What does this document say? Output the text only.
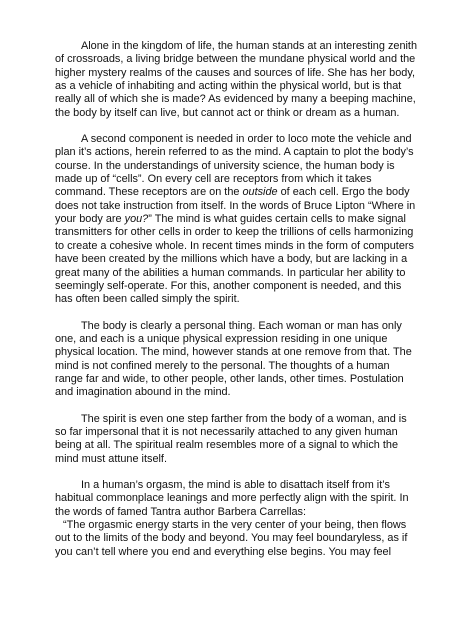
Alone in the kingdom of life, the human stands at an interesting zenith of crossroads, a living bridge between the mundane physical world and the higher mystery realms of the causes and sources of life. She has her body, as a vehicle of inhabiting and acting within the physical world, but is that really all of which she is made? As evidenced by many a beeping machine, the body by itself can live, but cannot act or think or dream as a human.

A second component is needed in order to loco mote the vehicle and plan it’s actions, herein referred to as the mind. A captain to plot the body’s course. In the understandings of university science, the human body is made up of “cells”. On every cell are receptors from which it takes command. These receptors are on the outside of each cell. Ergo the body does not take instruction from itself. In the words of Bruce Lipton “Where in your body are you?” The mind is what guides certain cells to make signal transmitters for other cells in order to keep the trillions of cells harmonizing to create a cohesive whole. In recent times minds in the form of computers have been created by the millions which have a body, but are lacking in a great many of the abilities a human commands. In particular her ability to seemingly self-operate. For this, another component is needed, and this has often been called simply the spirit.

The body is clearly a personal thing. Each woman or man has only one, and each is a unique physical expression residing in one unique physical location. The mind, however stands at one remove from that. The mind is not confined merely to the personal. The thoughts of a human range far and wide, to other people, other lands, other times. Postulation and imagination abound in the mind.

The spirit is even one step farther from the body of a woman, and is so far impersonal that it is not necessarily attached to any given human being at all. The spiritual realm resembles more of a signal to which the mind must attune itself.

In a human’s orgasm, the mind is able to disattach itself from it’s habitual commonplace leanings and more perfectly align with the spirit. In the words of famed Tantra author Barbera Carrellas:

“The orgasmic energy starts in the very center of your being, then flows out to the limits of the body and beyond. You may feel boundaryless, as if you can’t tell where you end and everything else begins. You may feel
